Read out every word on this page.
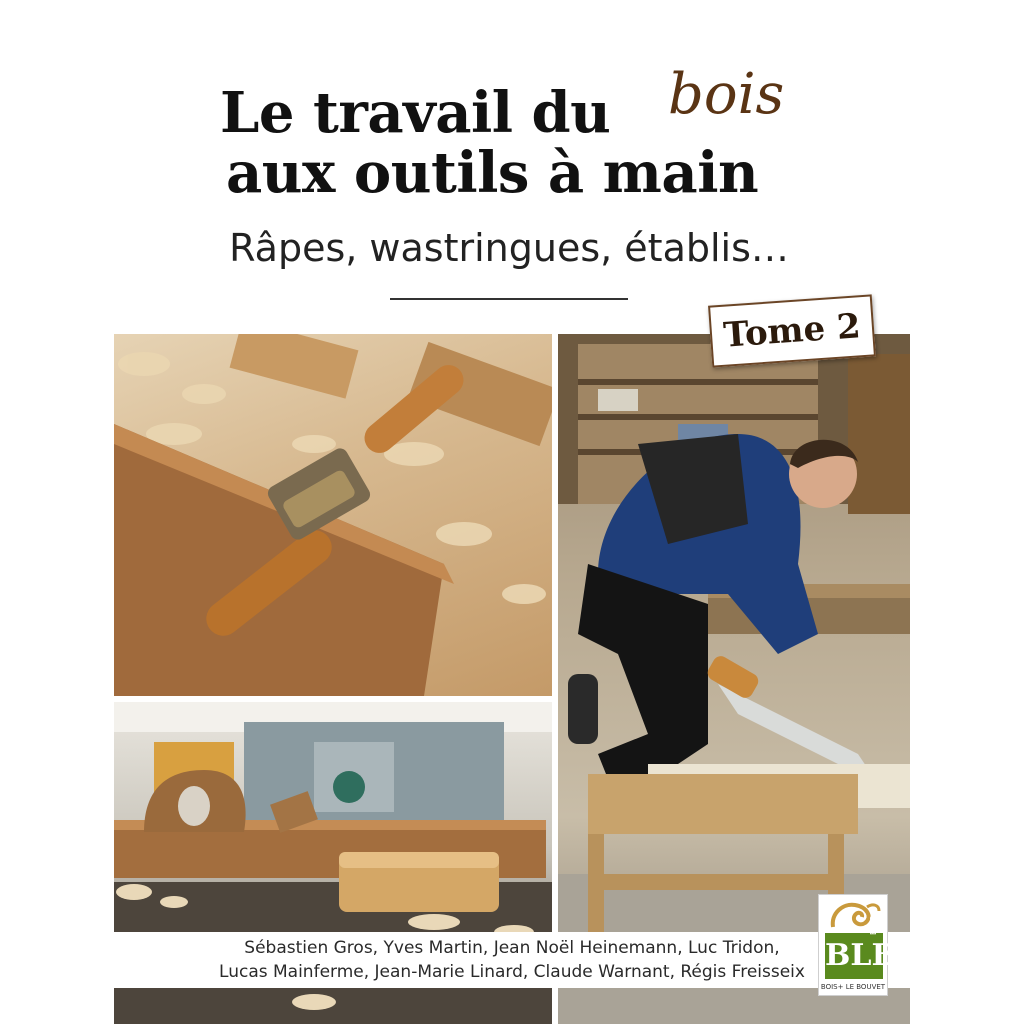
Le travail du bois
aux outils à main
Râpes, wastringues, établis…
Tome 2
Sébastien Gros, Yves Martin, Jean Noël Heinemann, Luc Tridon,
Lucas Mainferme, Jean-Marie Linard, Claude Warnant, Régis Freisseix BLB
BOIS
BOIS+ LE BOUVET
